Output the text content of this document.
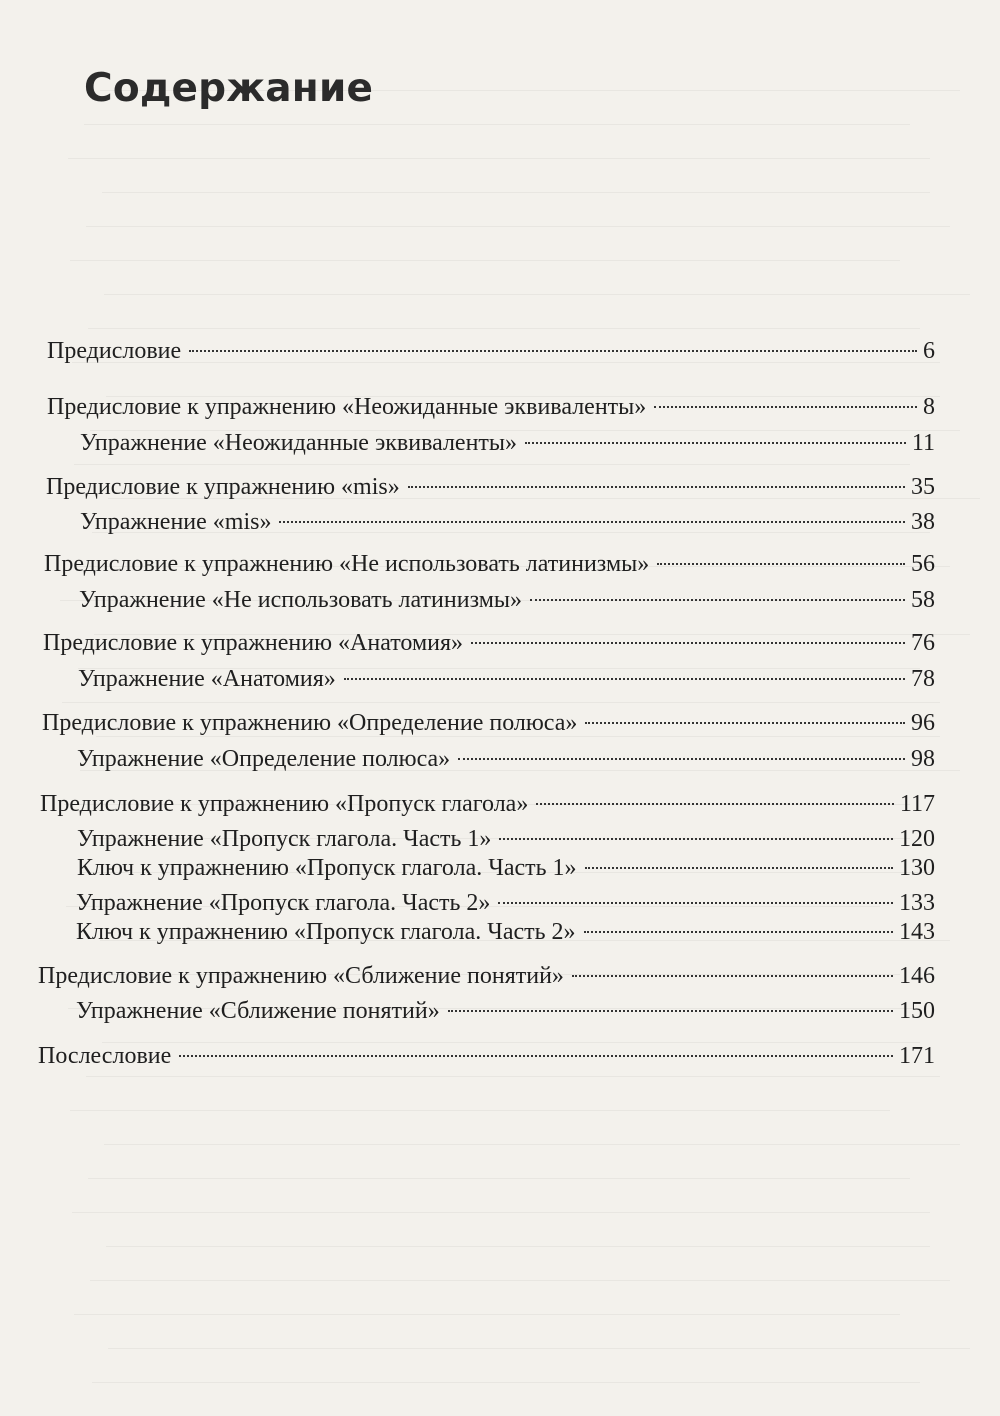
Содержание
Предисловие	6
Предисловие к упражнению «Неожиданные эквиваленты»	8
Упражнение «Неожиданные эквиваленты»	11
Предисловие к упражнению «mis»	35
Упражнение «mis»	38
Предисловие к упражнению «Не использовать латинизмы»	56
Упражнение «Не использовать латинизмы»	58
Предисловие к упражнению «Анатомия»	76
Упражнение «Анатомия»	78
Предисловие к упражнению «Определение полюса»	96
Упражнение «Определение полюса»	98
Предисловие к упражнению «Пропуск глагола»	117
Упражнение «Пропуск глагола. Часть 1»	120
Ключ к упражнению «Пропуск глагола. Часть 1»	130
Упражнение «Пропуск глагола. Часть 2»	133
Ключ к упражнению «Пропуск глагола. Часть 2»	143
Предисловие к упражнению «Сближение понятий»	146
Упражнение «Сближение понятий»	150
Послесловие	171
